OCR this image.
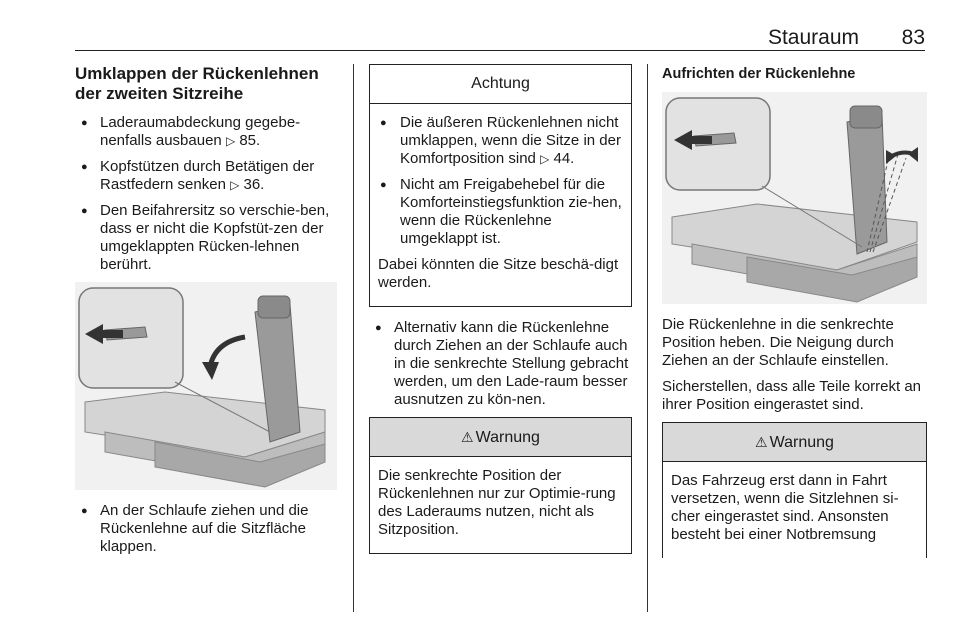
Stauraum 83
Umklappen der Rückenlehnen
der zweiten Sitzreihe
● Laderaumabdeckung gegebe-nenfalls ausbauen ▷ 85.
● Kopfstützen durch Betätigen der Rastfedern senken ▷ 36.
● Den Beifahrersitz so verschie-ben, dass er nicht die Kopfstüt-zen der umgeklappten Rücken-lehnen berührt.
● An der Schlaufe ziehen und die Rückenlehne auf die Sitzfläche klappen.
Achtung
● Die äußeren Rückenlehnen nicht umklappen, wenn die Sitze in der Komfortposition sind ▷ 44.
● Nicht am Freigabehebel für die Komforteinstiegsfunktion zie-hen, wenn die Rückenlehne umgeklappt ist.

Dabei könnten die Sitze beschä-digt werden.

● Alternativ kann die Rückenlehne durch Ziehen an der Schlaufe auch in die senkrechte Stellung gebracht werden, um den Lade-raum besser ausnutzen zu kön-nen.
⚠ Warnung

Die senkrechte Position der Rückenlehnen nur zur Optimie-rung des Laderaums nutzen, nicht als Sitzposition.

Aufrichten der Rückenlehne

Die Rückenlehne in die senkrechte Position heben. Die Neigung durch Ziehen an der Schlaufe einstellen.

Sicherstellen, dass alle Teile korrekt an ihrer Position eingerastet sind.

⚠ Warnung

Das Fahrzeug erst dann in Fahrt versetzen, wenn die Sitzlehnen si-cher eingerastet sind. Ansonsten besteht bei einer Notbremsung
